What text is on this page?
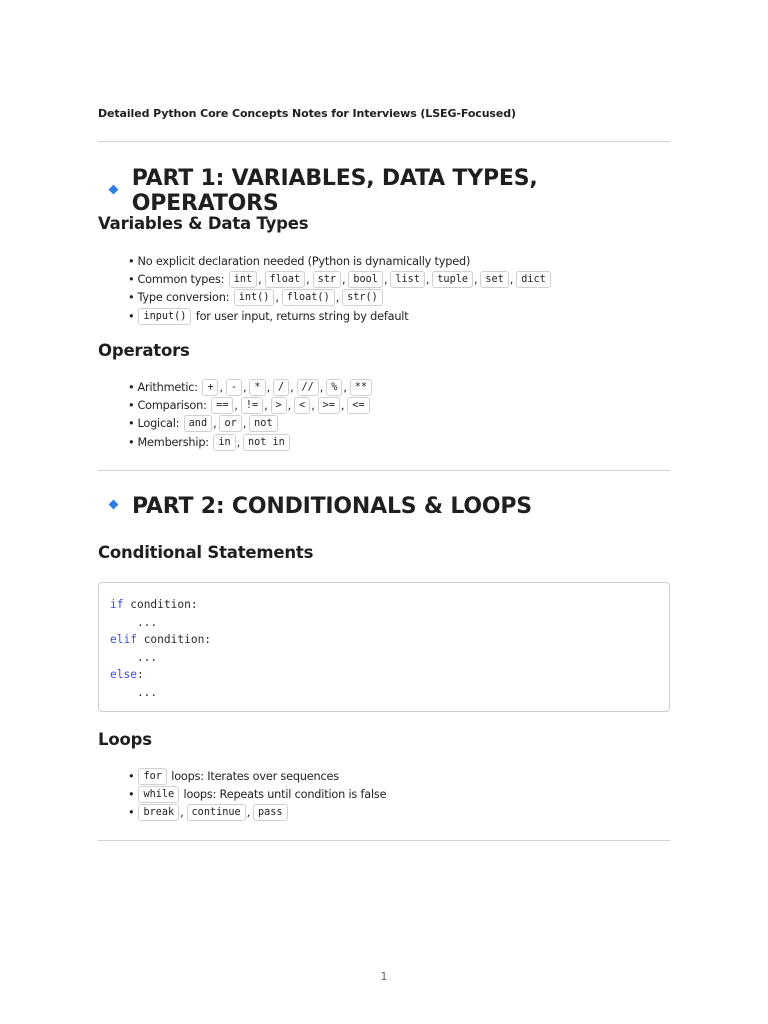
Detailed Python Core Concepts Notes for Interviews (LSEG-Focused)
PART 1: VARIABLES, DATA TYPES, OPERATORS
Variables & Data Types
• No explicit declaration needed (Python is dynamically typed)
• Common types:
int , float , str , bool , list , tuple , set , dict
• Type conversion:
int() , float() , str()
• input()
for user input, returns string by default
Operators
• Arithmetic:
+ , - , * , / , // , % , **
• Comparison:
== , != , > , < , >= , <=
• Logical:
and , or , not
• Membership:
in , not in
PART 2: CONDITIONALS & LOOPS
Conditional Statements
if condition:
...
elif condition:
...
else:
...
Loops
• for
loops: Iterates over sequences
• while
loops: Repeats until condition is false
• break , continue , pass
1
